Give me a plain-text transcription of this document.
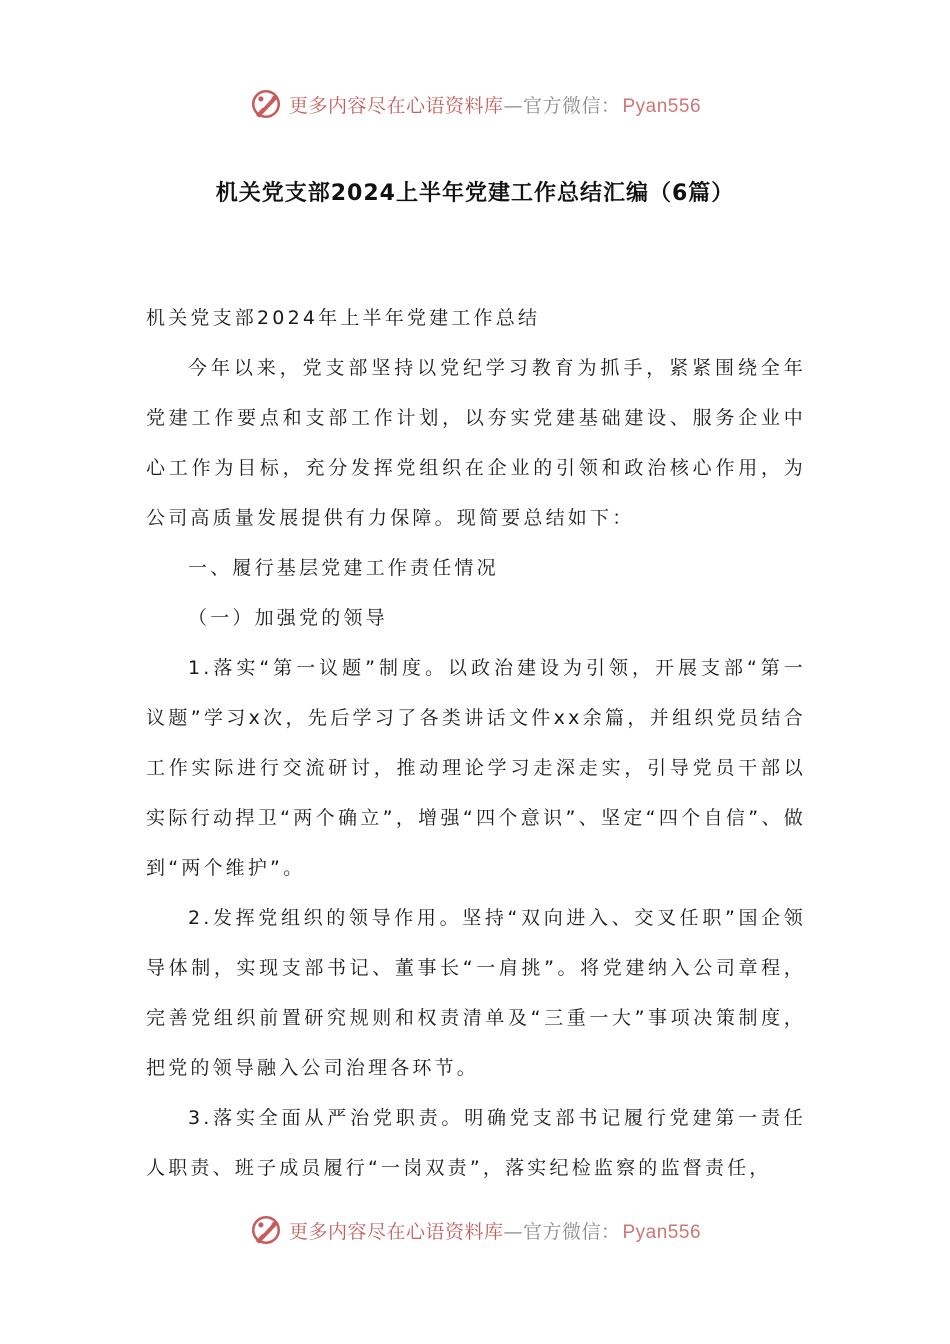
更多内容尽在心语资料库—官方微信： Pyan556
机关党支部2024上半年党建工作总结汇编（6篇）

机关党支部2024年上半年党建工作总结

今年以来，党支部坚持以党纪学习教育为抓手，紧紧围绕全年党建工作要点和支部工作计划，以夯实党建基础建设、服务企业中心工作为目标，充分发挥党组织在企业的引领和政治核心作用，为公司高质量发展提供有力保障。现简要总结如下：

一、履行基层党建工作责任情况

（一）加强党的领导

1.落实“第一议题”制度。以政治建设为引领，开展支部“第一议题”学习x次，先后学习了各类讲话文件xx余篇，并组织党员结合工作实际进行交流研讨，推动理论学习走深走实，引导党员干部以实际行动捍卫“两个确立”，增强“四个意识”、坚定“四个自信”、做到“两个维护”。

2.发挥党组织的领导作用。坚持“双向进入、交叉任职”国企领导体制，实现支部书记、董事长“一肩挑”。将党建纳入公司章程，完善党组织前置研究规则和权责清单及“三重一大”事项决策制度，把党的领导融入公司治理各环节。

3.落实全面从严治党职责。明确党支部书记履行党建第一责任人职责、班子成员履行“一岗双责”，落实纪检监察的监督责任，

更多内容尽在心语资料库—官方微信： Pyan556
